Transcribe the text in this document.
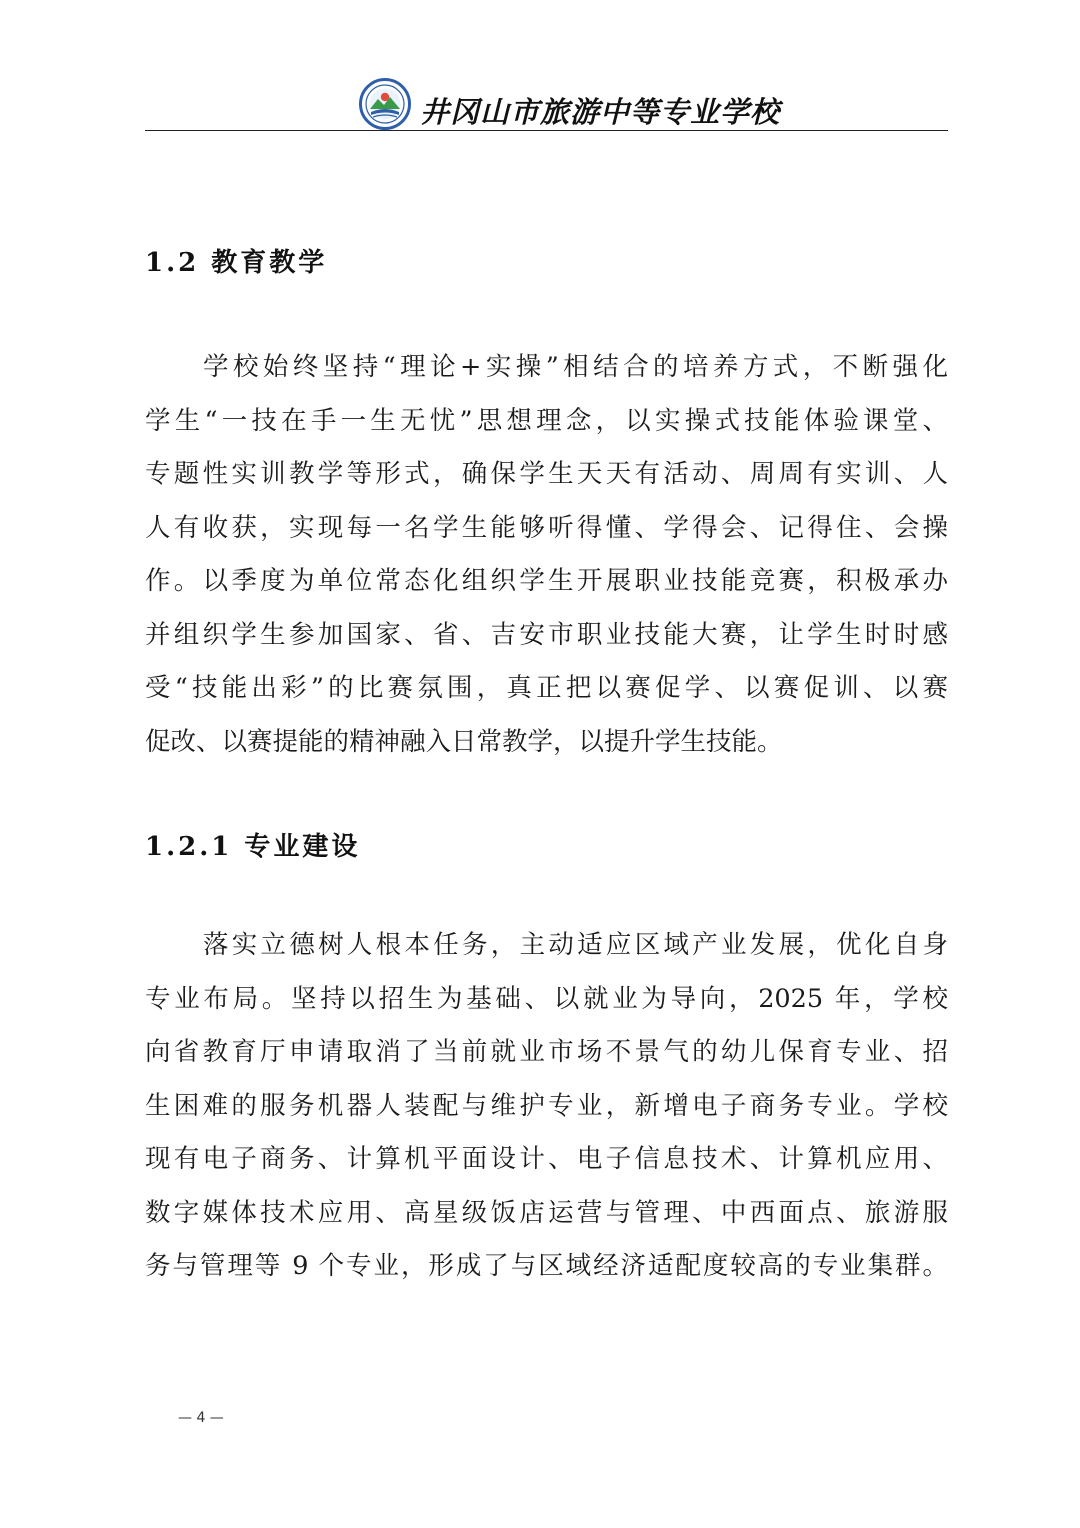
井冈山市旅游中等专业学校
1.2 教育教学
学校始终坚持“理论+实操”相结合的培养方式，不断强化
学生“一技在手一生无忧”思想理念，以实操式技能体验课堂、
专题性实训教学等形式，确保学生天天有活动、周周有实训、人
人有收获，实现每一名学生能够听得懂、学得会、记得住、会操
作。以季度为单位常态化组织学生开展职业技能竞赛，积极承办
并组织学生参加国家、省、吉安市职业技能大赛，让学生时时感
受“技能出彩”的比赛氛围，真正把以赛促学、以赛促训、以赛
促改、以赛提能的精神融入日常教学，以提升学生技能。
1.2.1 专业建设
落实立德树人根本任务，主动适应区域产业发展，优化自身
专业布局。坚持以招生为基础、以就业为导向，2025 年，学校
向省教育厅申请取消了当前就业市场不景气的幼儿保育专业、招
生困难的服务机器人装配与维护专业，新增电子商务专业。学校
现有电子商务、计算机平面设计、电子信息技术、计算机应用、
数字媒体技术应用、高星级饭店运营与管理、中西面点、旅游服
务与管理等 9 个专业，形成了与区域经济适配度较高的专业集群。
— 4 —
